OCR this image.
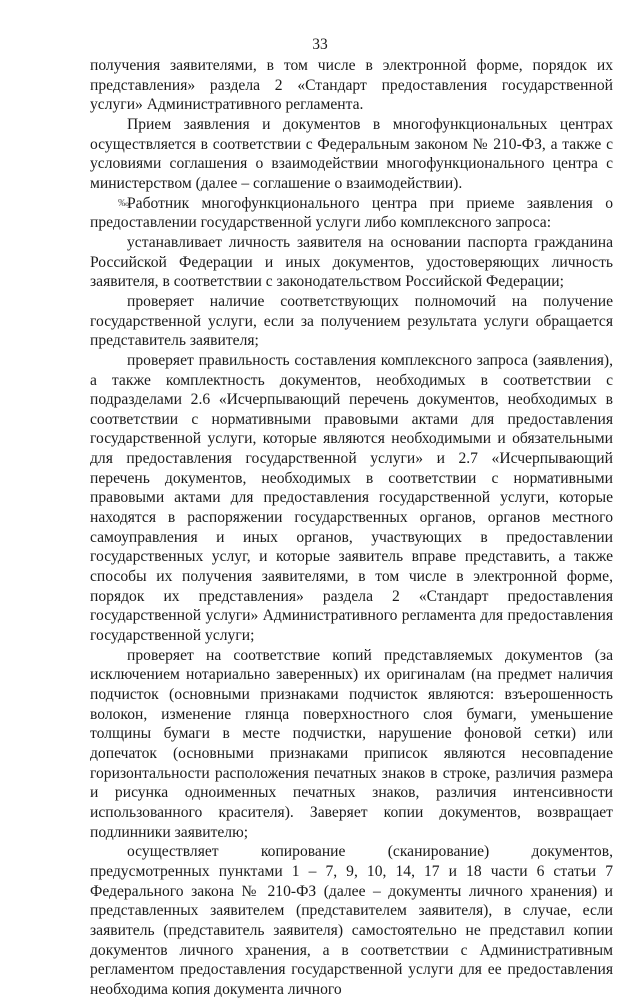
33

получения заявителями, в том числе в электронной форме, порядок их представления» раздела 2 «Стандарт предоставления государственной услуги» Административного регламента.

Прием заявления и документов в многофункциональных центрах осуществляется в соответствии с Федеральным законом № 210-ФЗ, а также с условиями соглашения о взаимодействии многофункционального центра с министерством (далее – соглашение о взаимодействии).

‰Работник многофункционального центра при приеме заявления о предоставлении государственной услуги либо комплексного запроса:

устанавливает личность заявителя на основании паспорта гражданина Российской Федерации и иных документов, удостоверяющих личность заявителя, в соответствии с законодательством Российской Федерации;

проверяет наличие соответствующих полномочий на получение государственной услуги, если за получением результата услуги обращается представитель заявителя;

проверяет правильность составления комплексного запроса (заявления), а также комплектность документов, необходимых в соответствии с подразделами 2.6 «Исчерпывающий перечень документов, необходимых в соответствии с нормативными правовыми актами для предоставления государственной услуги, которые являются необходимыми и обязательными для предоставления государственной услуги» и 2.7 «Исчерпывающий перечень документов, необходимых в соответствии с нормативными правовыми актами для предоставления государственной услуги, которые находятся в распоряжении государственных органов, органов местного самоуправления и иных органов, участвующих в предоставлении государственных услуг, и которые заявитель вправе представить, а также способы их получения заявителями, в том числе в электронной форме, порядок их представления» раздела 2 «Стандарт предоставления государственной услуги» Административного регламента для предоставления государственной услуги;

проверяет на соответствие копий представляемых документов (за исключением нотариально заверенных) их оригиналам (на предмет наличия подчисток (основными признаками подчисток являются: взъерошенность волокон, изменение глянца поверхностного слоя бумаги, уменьшение толщины бумаги в месте подчистки, нарушение фоновой сетки) или допечаток (основными признаками приписок являются несовпадение горизонтальности расположения печатных знаков в строке, различия размера и рисунка одноименных печатных знаков, различия интенсивности использованного красителя). Заверяет копии документов, возвращает подлинники заявителю;

осуществляет копирование (сканирование) документов, предусмотренных пунктами 1 – 7, 9, 10, 14, 17 и 18 части 6 статьи 7 Федерального закона № 210-ФЗ (далее – документы личного хранения) и представленных заявителем (представителем заявителя), в случае, если заявитель (представитель заявителя) самостоятельно не представил копии документов личного хранения, а в соответствии с Административным регламентом предоставления государственной услуги для ее предоставления необходима копия документа личного
